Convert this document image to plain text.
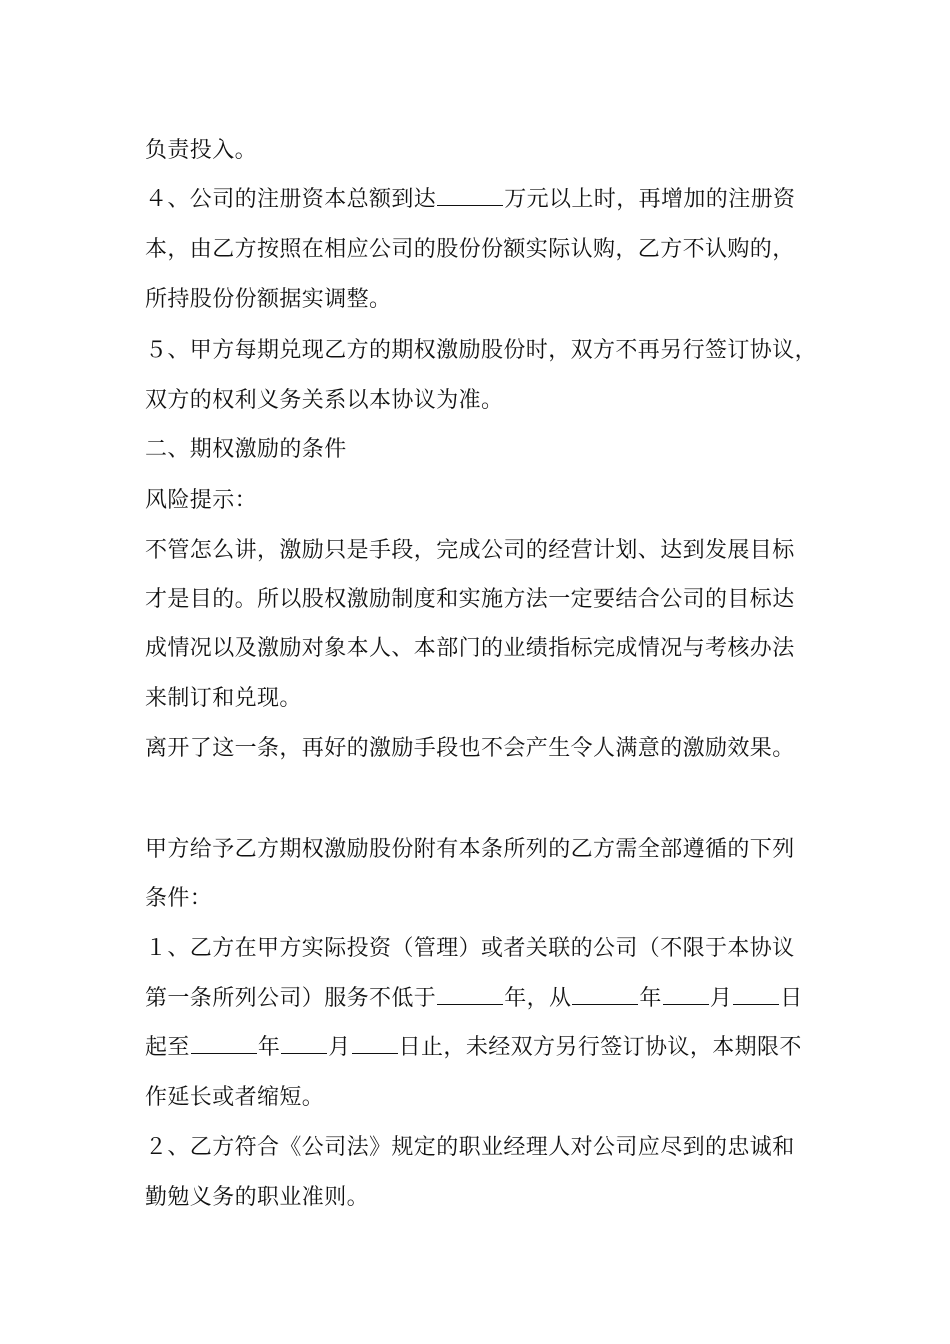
负责投入。

４、公司的注册资本总额到达	万元以上时，再增加的注册资

本，由乙方按照在相应公司的股份份额实际认购，乙方不认购的，

所持股份份额据实调整。

５、甲方每期兑现乙方的期权激励股份时，双方不再另行签订协议，

双方的权利义务关系以本协议为准。

二、期权激励的条件

风险提示：

不管怎么讲，激励只是手段，完成公司的经营计划、达到发展目标

才是目的。所以股权激励制度和实施方法一定要结合公司的目标达

成情况以及激励对象本人、本部门的业绩指标完成情况与考核办法

来制订和兑现。

离开了这一条，再好的激励手段也不会产生令人满意的激励效果。

甲方给予乙方期权激励股份附有本条所列的乙方需全部遵循的下列

条件：

１、乙方在甲方实际投资（管理）或者关联的公司（不限于本协议

第一条所列公司）服务不低于	年，从	年 月 日

起至	年 月 日止，未经双方另行签订协议，本期限不

作延长或者缩短。

２、乙方符合《公司法》规定的职业经理人对公司应尽到的忠诚和

勤勉义务的职业准则。
